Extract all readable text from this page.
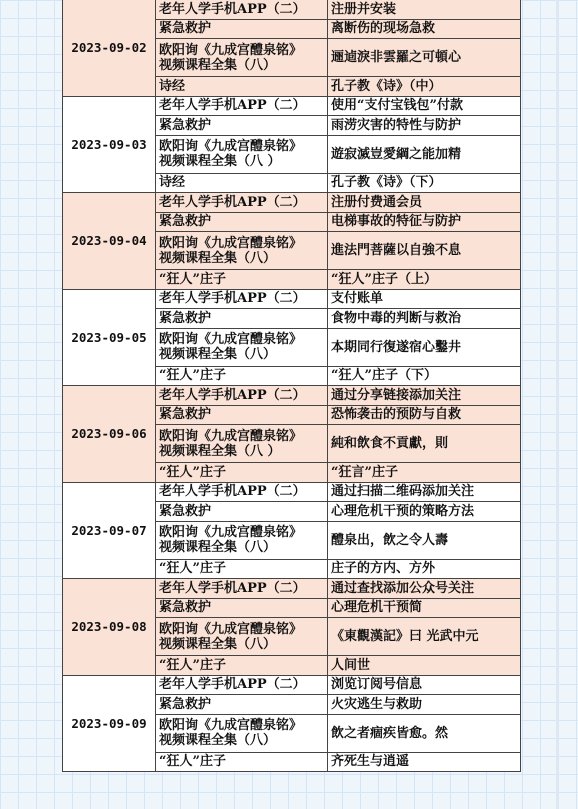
2023-09-02	老年人学手机APP（二）	注册并安装

	紧急救护	离断伤的现场急救

	欧阳询《九成宫醴泉铭》
视频课程全集（八）	逦逌淚非雲羅之可頓心

	诗经	孔子教《诗》（中）
2023-09-03	老年人学手机APP（二）	使用“支付宝钱包”付款

	紧急救护	雨涝灾害的特性与防护

	欧阳询《九成宫醴泉铭》
视频课程全集（八 ）	遊寂滅豈愛綱之能加精

	诗经	孔子教《诗》（下）
2023-09-04	老年人学手机APP（二）	注册付费通会员

	紧急救护	电梯事故的特征与防护

	欧阳询《九成宫醴泉铭》
视频课程全集（八）	進法門菩薩以自強不息

	“狂人”庄子	“狂人”庄子（上）
2023-09-05	老年人学手机APP（二）	支付账单

	紧急救护	食物中毒的判断与救治

	欧阳询《九成宫醴泉铭》
视频课程全集（八）	本期同行復遂宿心鑿井

	“狂人”庄子	“狂人”庄子（下）
2023-09-06	老年人学手机APP（二）	通过分享链接添加关注

	紧急救护	恐怖袭击的预防与自救

	欧阳询《九成宫醴泉铭》
视频课程全集（八 ）	純和飲食不貢獻，則

	“狂人”庄子	“狂言”庄子
2023-09-07	老年人学手机APP（二）	通过扫描二维码添加关注

	紧急救护	心理危机干预的策略方法

	欧阳询《九成宫醴泉铭》
视频课程全集（八）	醴泉出，飲之令人壽

	“狂人”庄子	庄子的方内、方外
2023-09-08	老年人学手机APP（二）	通过查找添加公众号关注

	紧急救护	心理危机干预简

	欧阳询《九成宫醴泉铭》
视频课程全集（八）	《東觀漢記》曰 光武中元

	“狂人”庄子	人间世
2023-09-09	老年人学手机APP（二）	浏览订阅号信息

	紧急救护	火灾逃生与救助

	欧阳询《九成宫醴泉铭》
视频课程全集（八）	飲之者痼疾皆愈。然

	“狂人”庄子	齐死生与逍遥
